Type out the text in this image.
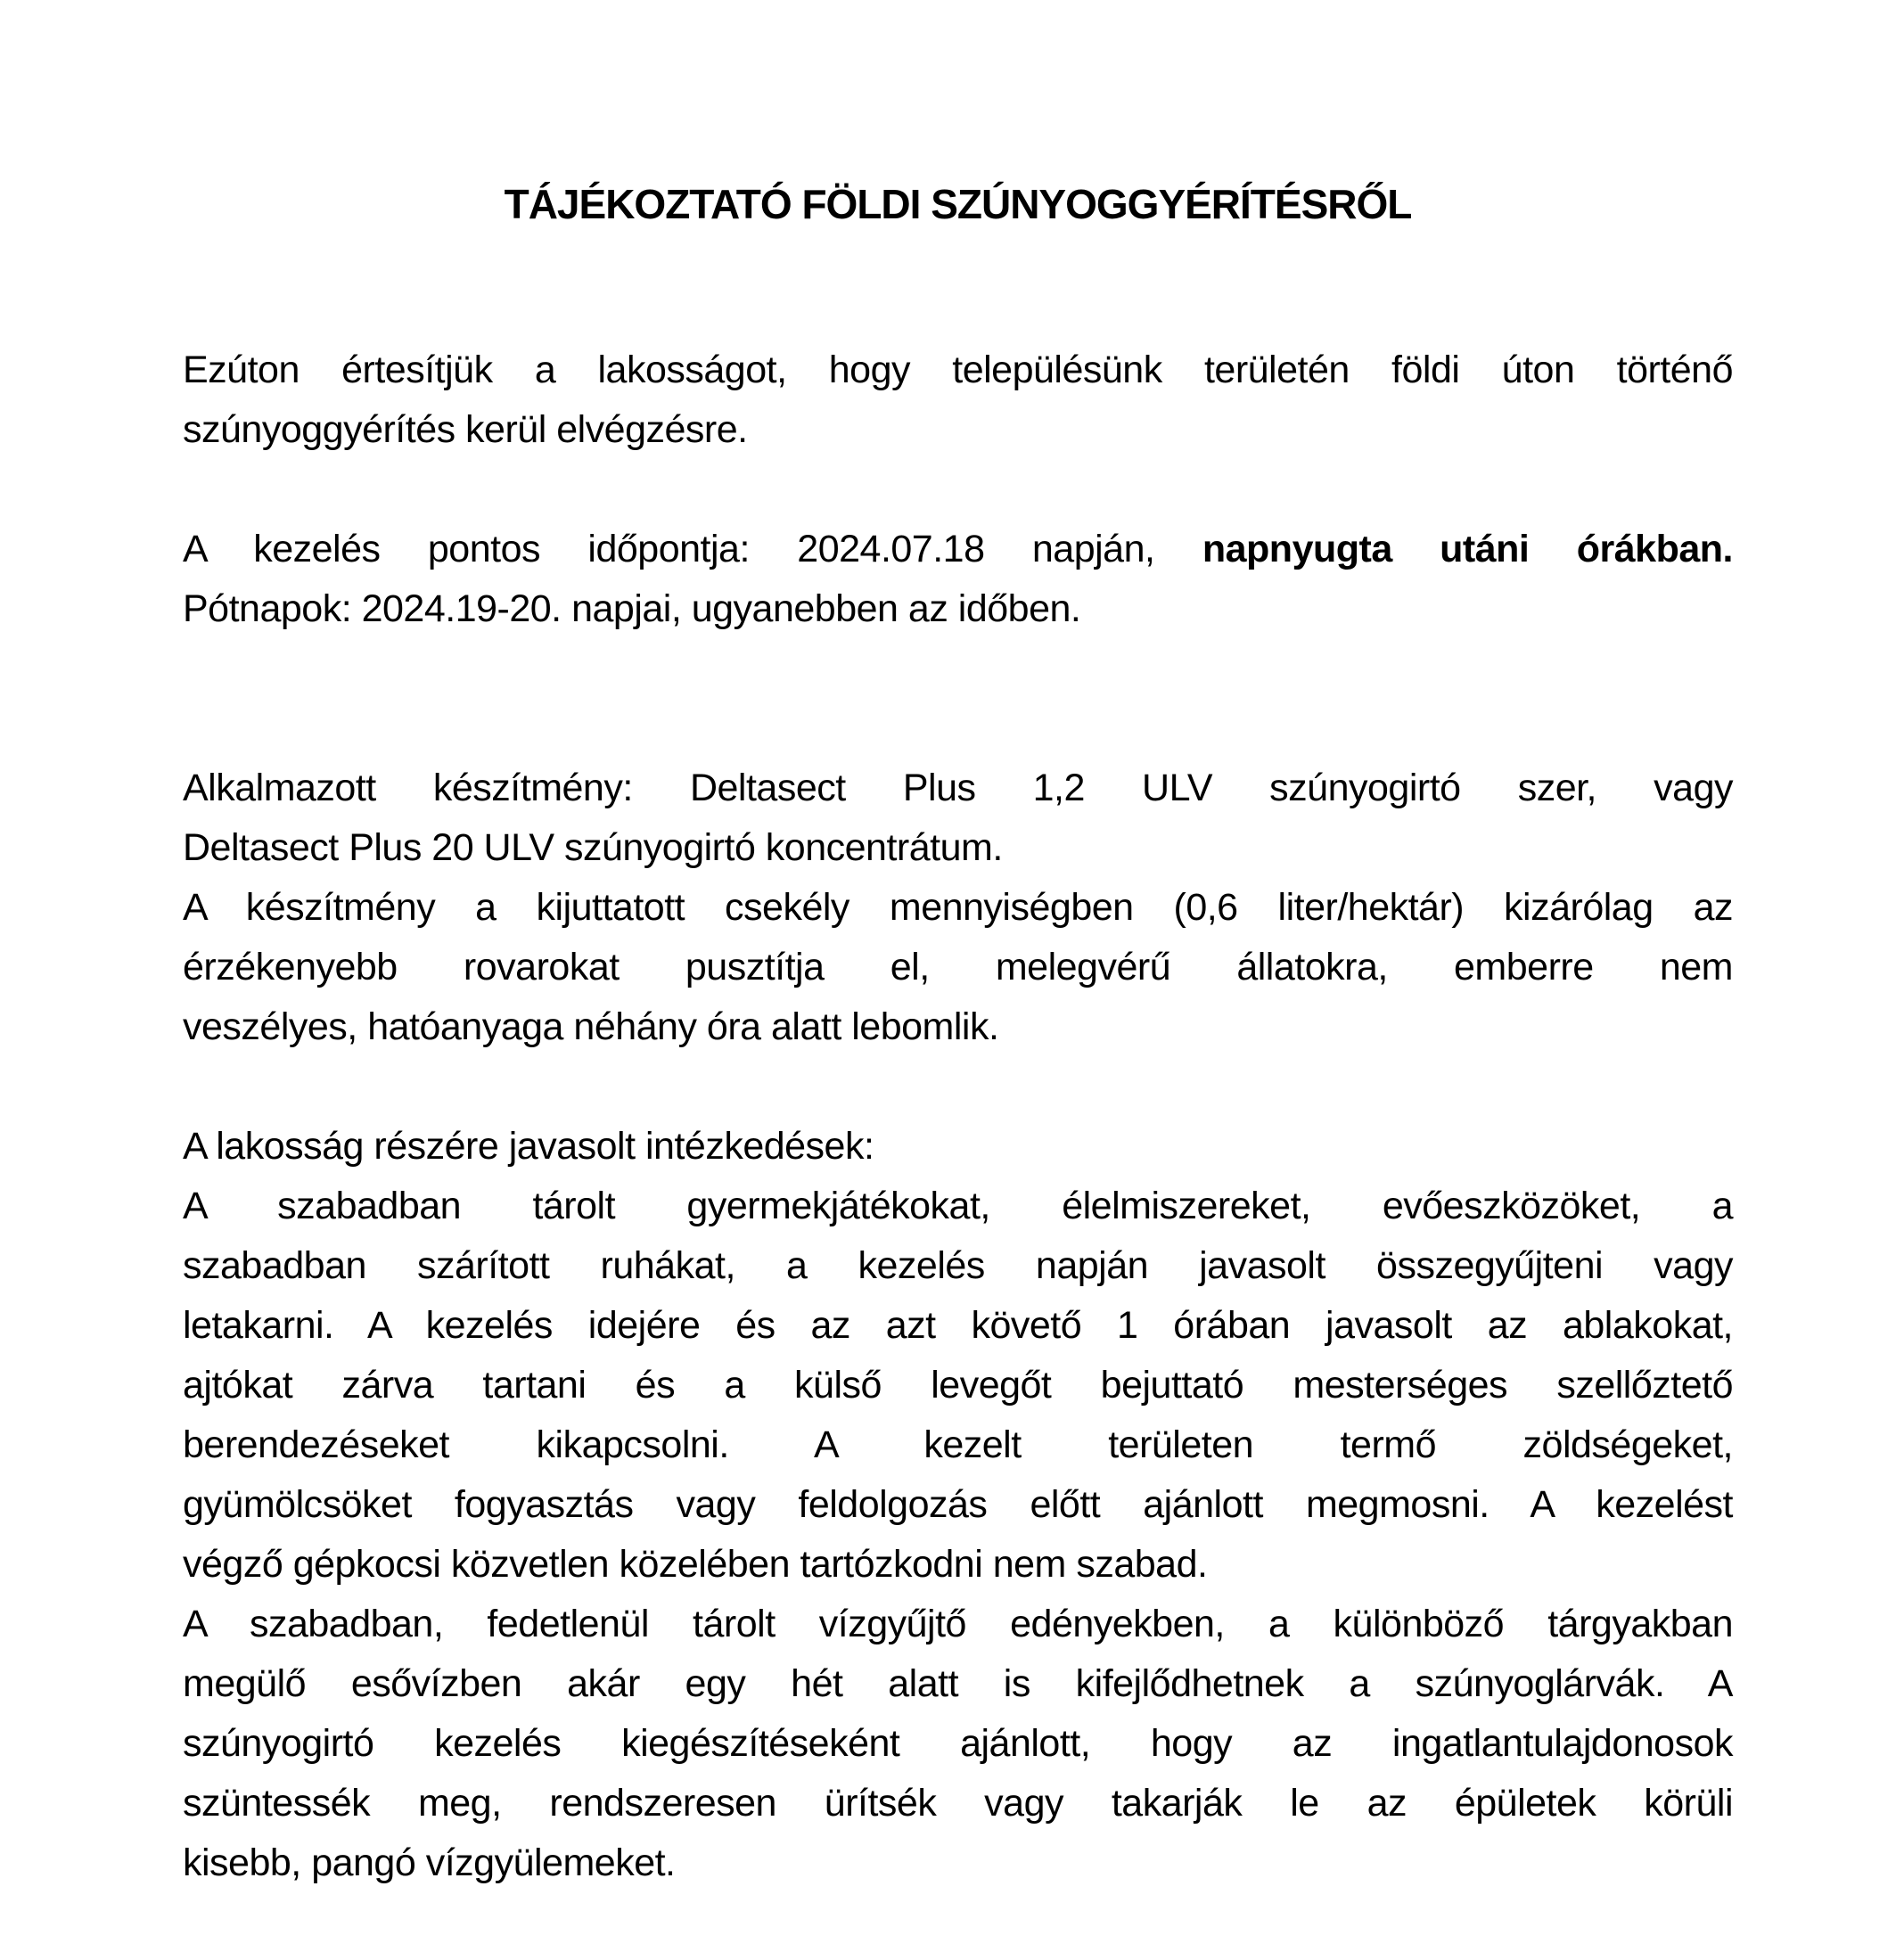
TÁJÉKOZTATÓ FÖLDI SZÚNYOGGYÉRÍTÉSRŐL
Ezúton értesítjük a lakosságot, hogy településünk területén földi úton történő
szúnyoggyérítés kerül elvégzésre.
A kezelés pontos időpontja: 2024.07.18 napján, napnyugta utáni órákban.
Pótnapok: 2024.19-20. napjai, ugyanebben az időben.
Alkalmazott készítmény: Deltasect Plus 1,2 ULV szúnyogirtó szer, vagy
Deltasect Plus 20 ULV szúnyogirtó koncentrátum.
A készítmény a kijuttatott csekély mennyiségben (0,6 liter/hektár) kizárólag az
érzékenyebb rovarokat pusztítja el, melegvérű állatokra, emberre nem
veszélyes, hatóanyaga néhány óra alatt lebomlik.
A lakosság részére javasolt intézkedések:
A szabadban tárolt gyermekjátékokat, élelmiszereket, evőeszközöket, a
szabadban szárított ruhákat, a kezelés napján javasolt összegyűjteni vagy
letakarni. A kezelés idejére és az azt követő 1 órában javasolt az ablakokat,
ajtókat zárva tartani és a külső levegőt bejuttató mesterséges szellőztető
berendezéseket kikapcsolni. A kezelt területen termő zöldségeket,
gyümölcsöket fogyasztás vagy feldolgozás előtt ajánlott megmosni. A kezelést
végző gépkocsi közvetlen közelében tartózkodni nem szabad.
A szabadban, fedetlenül tárolt vízgyűjtő edényekben, a különböző tárgyakban
megülő esővízben akár egy hét alatt is kifejlődhetnek a szúnyoglárvák. A
szúnyogirtó kezelés kiegészítéseként ajánlott, hogy az ingatlantulajdonosok
szüntessék meg, rendszeresen ürítsék vagy takarják le az épületek körüli
kisebb, pangó vízgyülemeket.
